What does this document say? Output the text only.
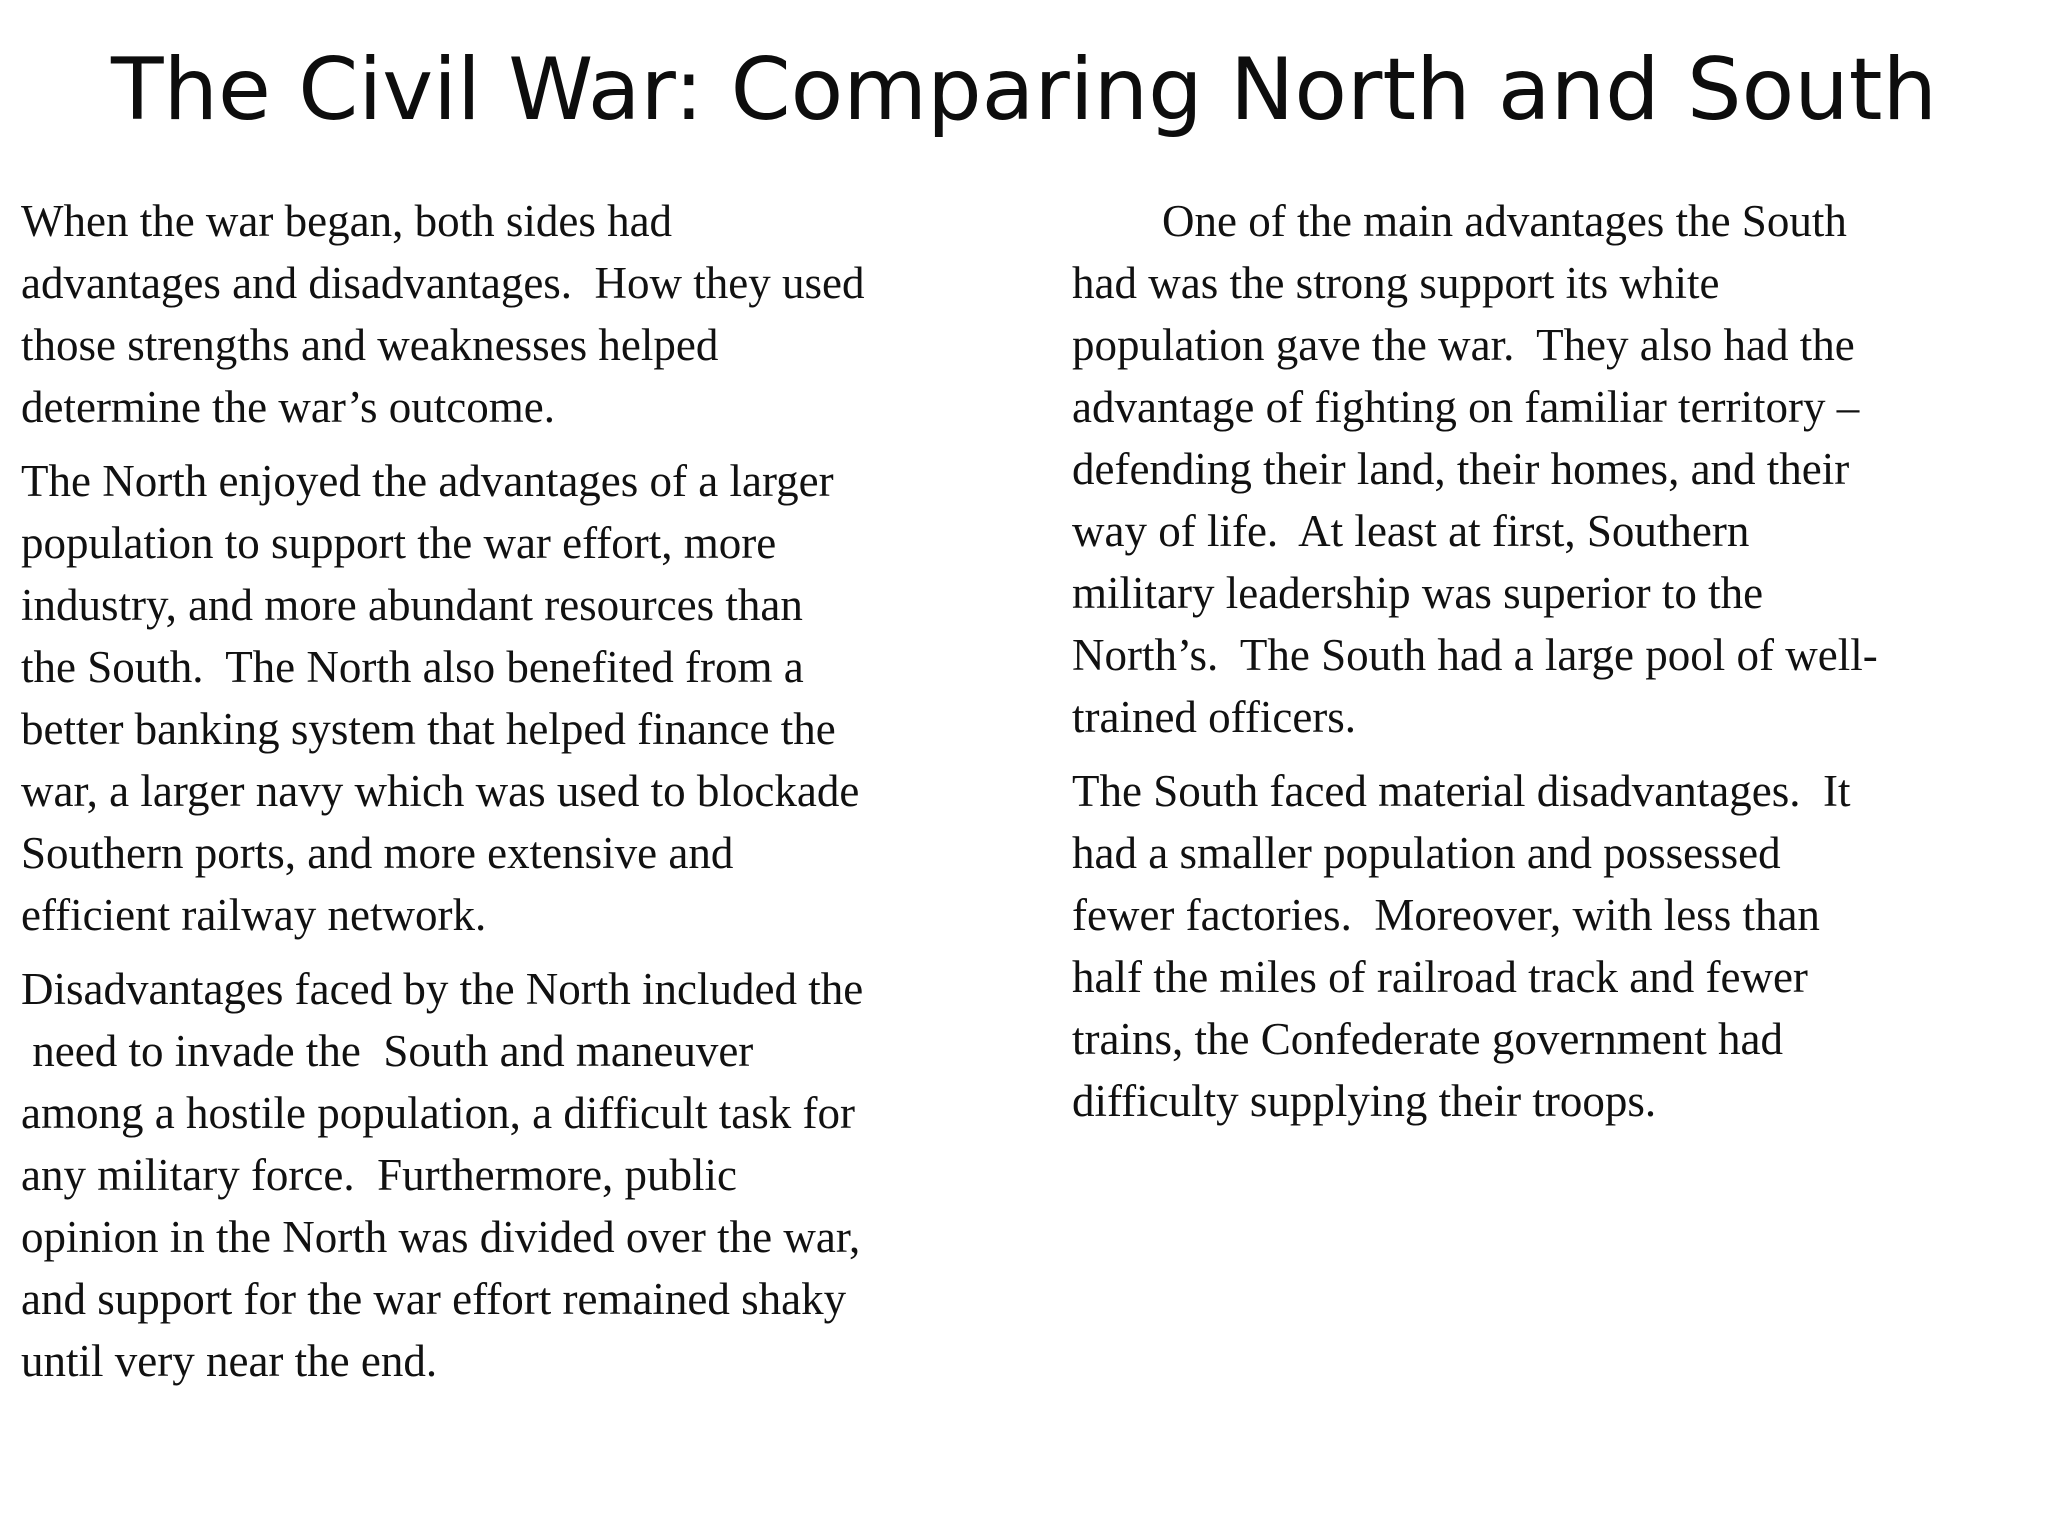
The Civil War: Comparing North and South

When the war began, both sides had
advantages and disadvantages.  How they used
those strengths and weaknesses helped
determine the war’s outcome.

The North enjoyed the advantages of a larger
population to support the war effort, more
industry, and more abundant resources than
the South.  The North also benefited from a
better banking system that helped finance the
war, a larger navy which was used to blockade
Southern ports, and more extensive and
efficient railway network.

Disadvantages faced by the North included the
need to invade the  South and maneuver
among a hostile population, a difficult task for
any military force.  Furthermore, public
opinion in the North was divided over the war,
and support for the war effort remained shaky
until very near the end.

One of the main advantages the South
had was the strong support its white
population gave the war.  They also had the
advantage of fighting on familiar territory –
defending their land, their homes, and their
way of life.  At least at first, Southern
military leadership was superior to the
North’s.  The South had a large pool of well-
trained officers.

The South faced material disadvantages.  It
had a smaller population and possessed
fewer factories.  Moreover, with less than
half the miles of railroad track and fewer
trains, the Confederate government had
difficulty supplying their troops.
